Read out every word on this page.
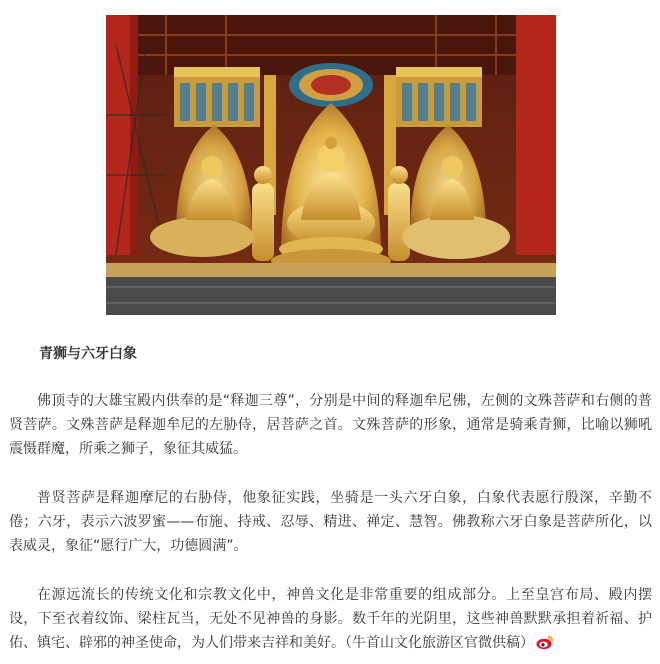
青狮与六牙白象

佛顶寺的大雄宝殿内供奉的是“释迦三尊”，分别是中间的释迦牟尼佛，左侧的文殊菩萨和右侧的普贤菩萨。文殊菩萨是释迦牟尼的左胁侍，居菩萨之首。文殊菩萨的形象，通常是骑乘青狮，比喻以狮吼震慑群魔，所乘之狮子，象征其威猛。

普贤菩萨是释迦摩尼的右胁侍，他象征实践，坐骑是一头六牙白象，白象代表愿行殷深，辛勤不倦；六牙，表示六波罗蜜——布施、持戒、忍辱、精进、禅定、慧智。佛教称六牙白象是菩萨所化，以表威灵，象征“愿行广大，功德圆满”。

在源远流长的传统文化和宗教文化中，神兽文化是非常重要的组成部分。上至皇宫布局、殿内摆设，下至衣着纹饰、梁柱瓦当，无处不见神兽的身影。数千年的光阴里，这些神兽默默承担着祈福、护佑、镇宅、辟邪的神圣使命，为人们带来吉祥和美好。（牛首山文化旅游区官微供稿）
